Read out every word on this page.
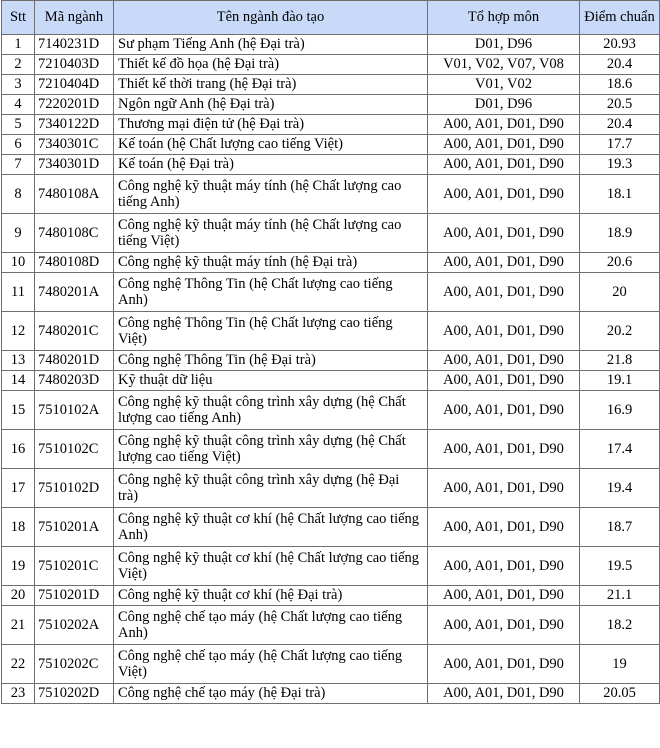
Stt	Mã ngành	Tên ngành đào tạo	Tổ hợp môn	Điểm chuẩn
1	7140231D	Sư phạm Tiếng Anh (hệ Đại trà)	D01, D96	20.93
2	7210403D	Thiết kế đồ họa (hệ Đại trà)	V01, V02, V07, V08	20.4
3	7210404D	Thiết kế thời trang (hệ Đại trà)	V01, V02	18.6
4	7220201D	Ngôn ngữ Anh (hệ Đại trà)	D01, D96	20.5
5	7340122D	Thương mại điện tử (hệ Đại trà)	A00, A01, D01, D90	20.4
6	7340301C	Kế toán (hệ Chất lượng cao tiếng Việt)	A00, A01, D01, D90	17.7
7	7340301D	Kế toán (hệ Đại trà)	A00, A01, D01, D90	19.3
8	7480108A	Công nghệ kỹ thuật máy tính (hệ Chất lượng cao tiếng Anh)	A00, A01, D01, D90	18.1
9	7480108C	Công nghệ kỹ thuật máy tính (hệ Chất lượng cao tiếng Việt)	A00, A01, D01, D90	18.9
10	7480108D	Công nghệ kỹ thuật máy tính (hệ Đại trà)	A00, A01, D01, D90	20.6
11	7480201A	Công nghệ Thông Tin (hệ Chất lượng cao tiếng Anh)	A00, A01, D01, D90	20
12	7480201C	Công nghệ Thông Tin (hệ Chất lượng cao tiếng Việt)	A00, A01, D01, D90	20.2
13	7480201D	Công nghệ Thông Tin (hệ Đại trà)	A00, A01, D01, D90	21.8
14	7480203D	Kỹ thuật dữ liệu	A00, A01, D01, D90	19.1
15	7510102A	Công nghệ kỹ thuật công trình xây dựng (hệ Chất lượng cao tiếng Anh)	A00, A01, D01, D90	16.9
16	7510102C	Công nghệ kỹ thuật công trình xây dựng (hệ Chất lượng cao tiếng Việt)	A00, A01, D01, D90	17.4
17	7510102D	Công nghệ kỹ thuật công trình xây dựng (hệ Đại trà)	A00, A01, D01, D90	19.4
18	7510201A	Công nghệ kỹ thuật cơ khí (hệ Chất lượng cao tiếng Anh)	A00, A01, D01, D90	18.7
19	7510201C	Công nghệ kỹ thuật cơ khí (hệ Chất lượng cao tiếng Việt)	A00, A01, D01, D90	19.5
20	7510201D	Công nghệ kỹ thuật cơ khí (hệ Đại trà)	A00, A01, D01, D90	21.1
21	7510202A	Công nghệ chế tạo máy (hệ Chất lượng cao tiếng Anh)	A00, A01, D01, D90	18.2
22	7510202C	Công nghệ chế tạo máy (hệ Chất lượng cao tiếng Việt)	A00, A01, D01, D90	19
23	7510202D	Công nghệ chế tạo máy (hệ Đại trà)	A00, A01, D01, D90	20.05
